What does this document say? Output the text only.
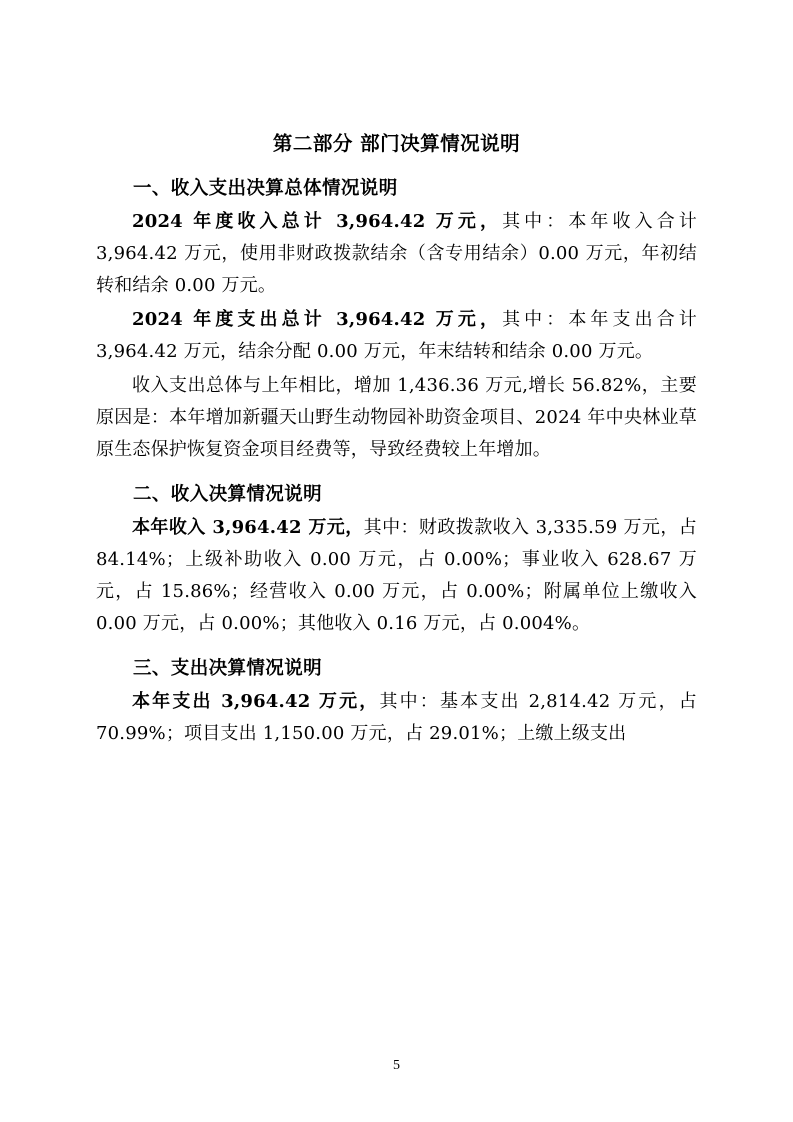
第二部分 部门决算情况说明
一、收入支出决算总体情况说明

2024 年度收入总计 3,964.42 万元，其中：本年收入合计 3,964.42 万元，使用非财政拨款结余（含专用结余）0.00 万元，年初结转和结余 0.00 万元。

2024 年度支出总计 3,964.42 万元，其中：本年支出合计 3,964.42 万元，结余分配 0.00 万元，年末结转和结余 0.00 万元。

收入支出总体与上年相比，增加 1,436.36 万元,增长 56.82%，主要原因是：本年增加新疆天山野生动物园补助资金项目、2024 年中央林业草原生态保护恢复资金项目经费等，导致经费较上年增加。

二、收入决算情况说明

本年收入 3,964.42 万元，其中：财政拨款收入 3,335.59 万元，占 84.14%；上级补助收入 0.00 万元，占 0.00%；事业收入 628.67 万元，占 15.86%；经营收入 0.00 万元，占 0.00%；附属单位上缴收入 0.00 万元，占 0.00%；其他收入 0.16 万元，占 0.004%。

三、支出决算情况说明

本年支出 3,964.42 万元，其中：基本支出 2,814.42 万元，占 70.99%；项目支出 1,150.00 万元，占 29.01%；上缴上级支出

5
